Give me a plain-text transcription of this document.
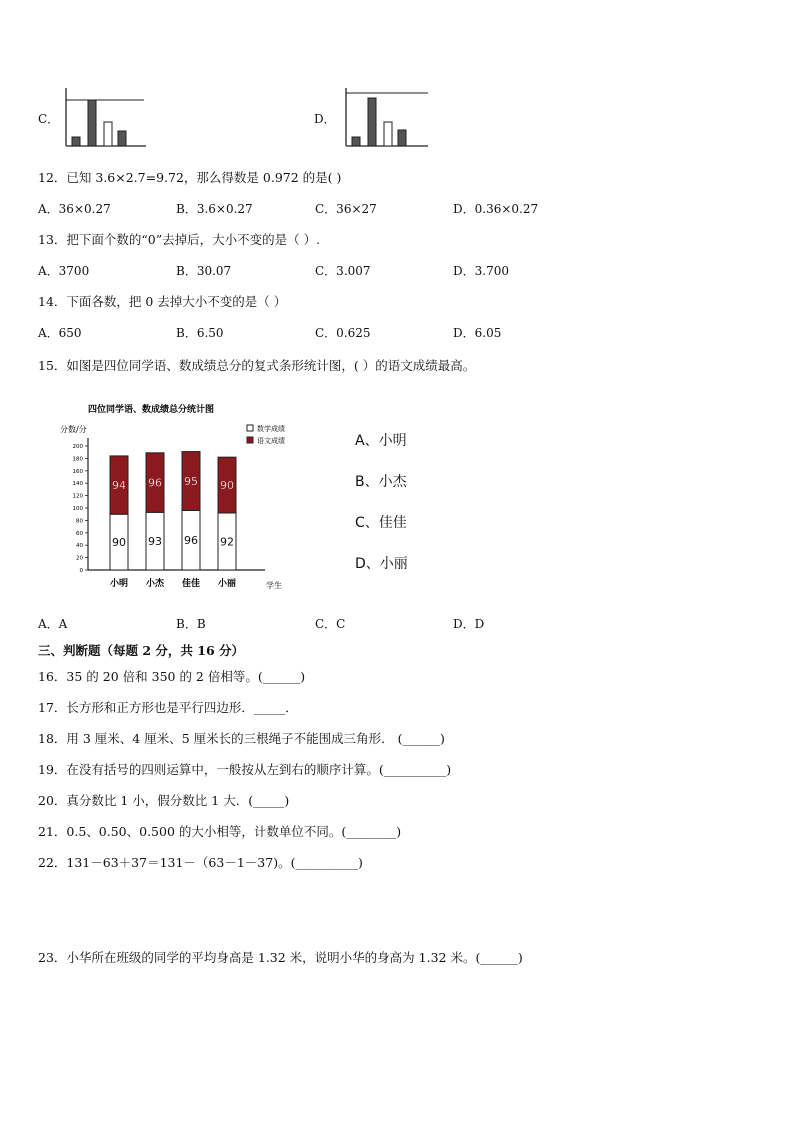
C．	D．
12．已知 3.6×2.7=9.72，那么得数是 0.972 的是( )
A．36×0.27	B．3.6×0.27	C．36×27	D．0.36×0.27
13．把下面个数的“0”去掉后，大小不变的是（ ）.
A．3700	B．30.07	C．3.007	D．3.700
14．下面各数，把 0 去掉大小不变的是（ ）
A．650	B．6.50	C．0.625	D．6.05
15．如图是四位同学语、数成绩总分的复式条形统计图，( ）的语文成绩最高。
四位同学语、数成绩总分统计图
分数/分
学生
数学成绩
语文成绩
0
20
40
60
80
100
120
140
160
180
200
90
94
小明
93
96
小杰
96
95
佳佳
92
90
小丽
A、小明
B、小杰
C、佳佳
D、小丽
A．A	B．B	C．C	D．D
三、判断题（每题 2 分，共 16 分）
16．35 的 20 倍和 350 的 2 倍相等。(______)
17．长方形和正方形也是平行四边形．_____．
18．用 3 厘米、4 厘米、5 厘米长的三根绳子不能围成三角形． (______)
19．在没有括号的四则运算中，一般按从左到右的顺序计算。(__________)
20．真分数比 1 小，假分数比 1 大．(_____)
21．0.5、0.50、0.500 的大小相等，计数单位不同。(________)
22．131－63＋37＝131－（63－1－37)。(__________)
23．小华所在班级的同学的平均身高是 1.32 米，说明小华的身高为 1.32 米。(______)
